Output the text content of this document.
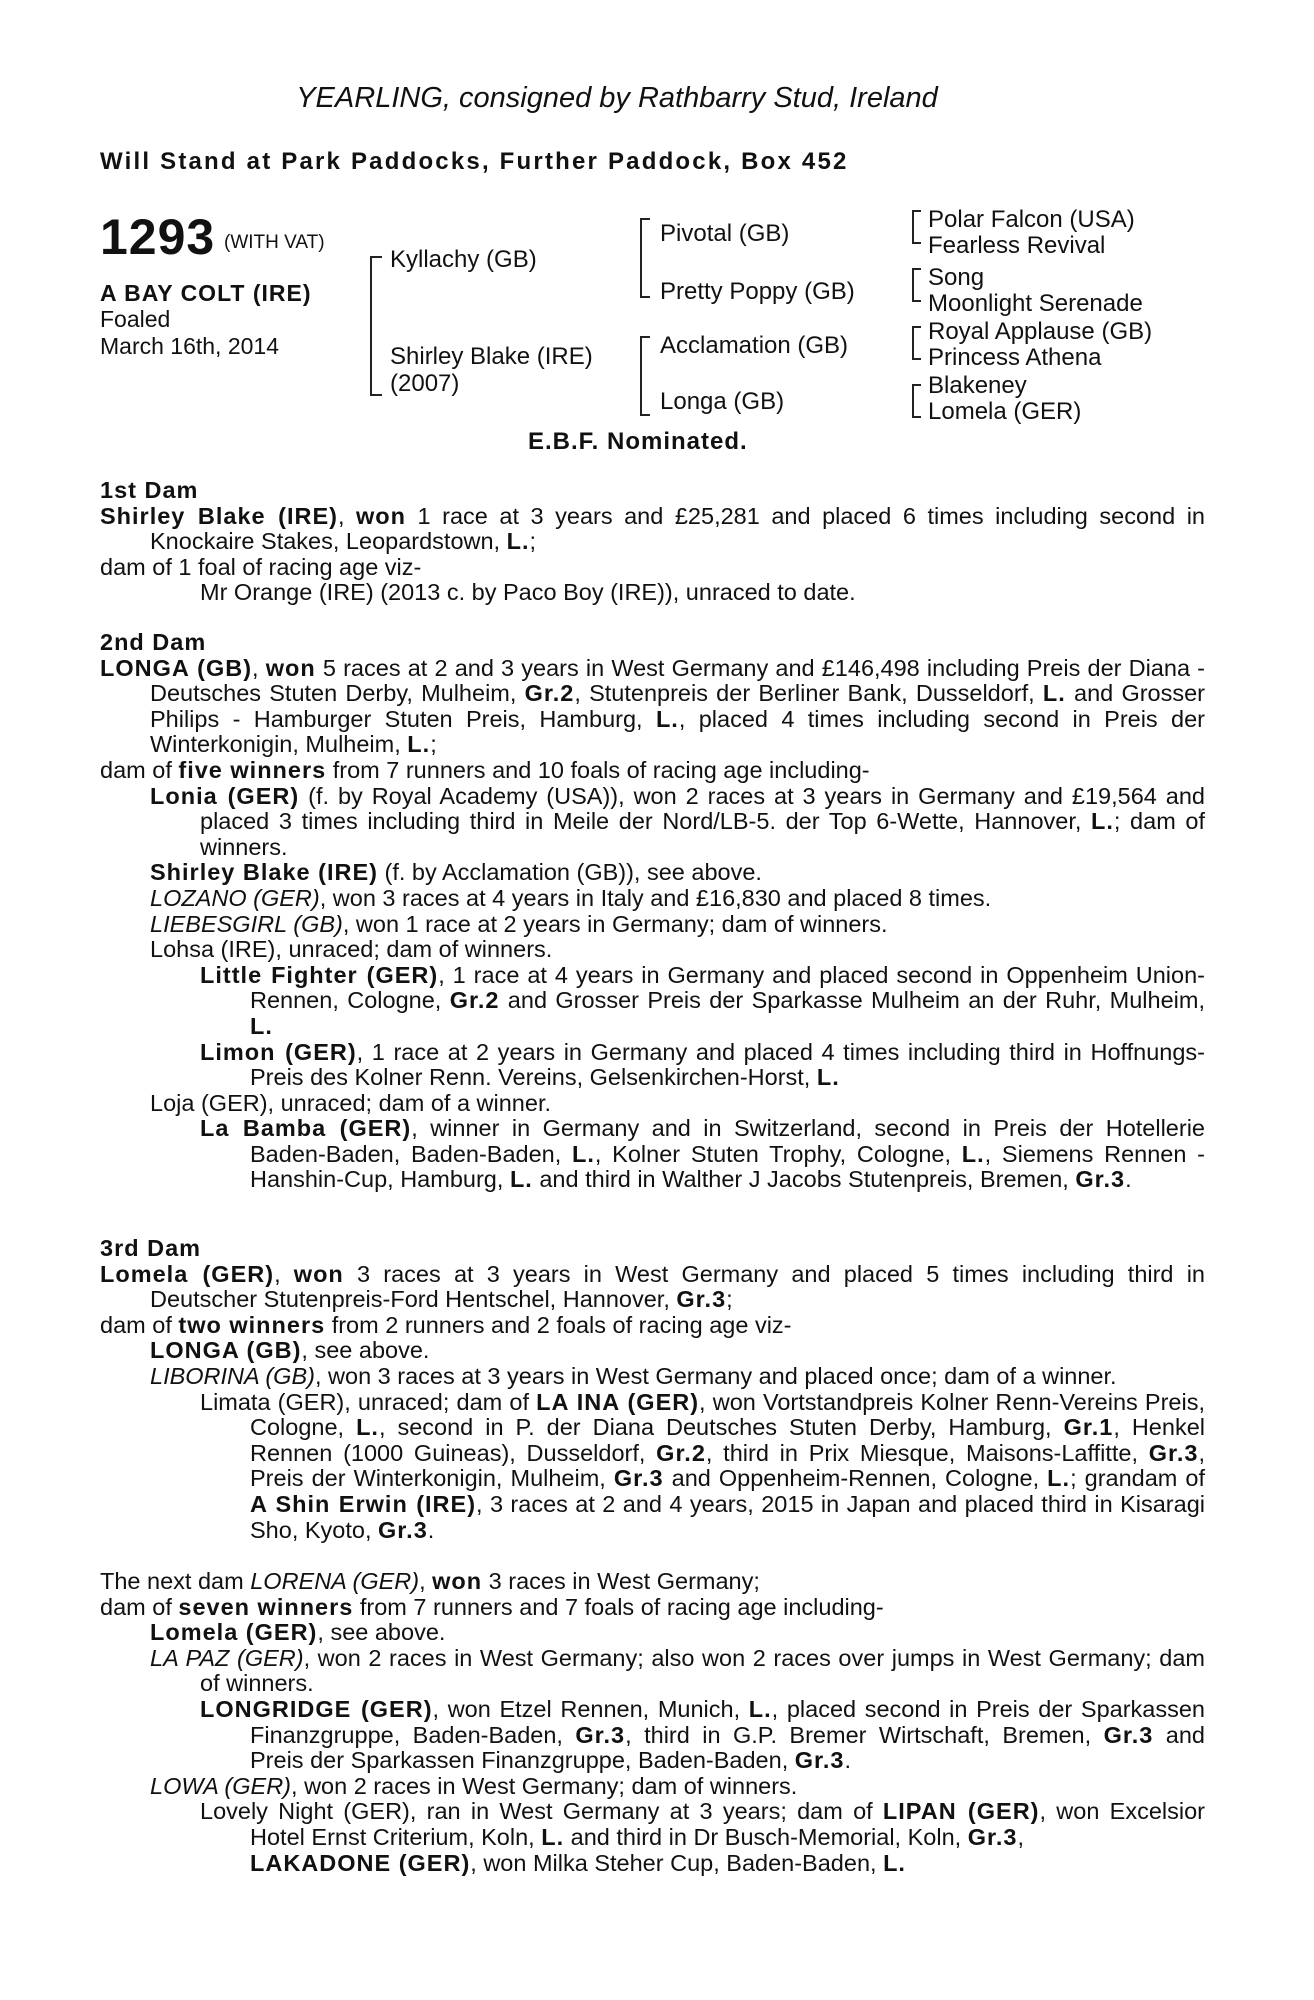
YEARLING, consigned by Rathbarry Stud, Ireland
Will Stand at Park Paddocks, Further Paddock, Box 452
1293 (WITH VAT)
A BAY COLT (IRE)
Foaled
March 16th, 2014
Kyllachy (GB)
Shirley Blake (IRE)
(2007)
Pivotal (GB)
Pretty Poppy (GB)
Acclamation (GB)
Longa (GB)
Polar Falcon (USA)
Fearless Revival
Song
Moonlight Serenade
Royal Applause (GB)
Princess Athena
Blakeney
Lomela (GER)
E.B.F. Nominated.

1st Dam

Shirley Blake (IRE), won 1 race at 3 years and £25,281 and placed 6 times including second in Knockaire Stakes, Leopardstown, L.;

dam of 1 foal of racing age viz-

Mr Orange (IRE) (2013 c. by Paco Boy (IRE)), unraced to date.

2nd Dam

LONGA (GB), won 5 races at 2 and 3 years in West Germany and £146,498 including Preis der Diana - Deutsches Stuten Derby, Mulheim, Gr.2, Stutenpreis der Berliner Bank, Dusseldorf, L. and Grosser Philips - Hamburger Stuten Preis, Hamburg, L., placed 4 times including second in Preis der Winterkonigin, Mulheim, L.;

dam of five winners from 7 runners and 10 foals of racing age including-

Lonia (GER) (f. by Royal Academy (USA)), won 2 races at 3 years in Germany and £19,564 and placed 3 times including third in Meile der Nord/LB-5. der Top 6-Wette, Hannover, L.; dam of winners.

Shirley Blake (IRE) (f. by Acclamation (GB)), see above.

LOZANO (GER), won 3 races at 4 years in Italy and £16,830 and placed 8 times.

LIEBESGIRL (GB), won 1 race at 2 years in Germany; dam of winners.

Lohsa (IRE), unraced; dam of winners.

Little Fighter (GER), 1 race at 4 years in Germany and placed second in Oppenheim Union-Rennen, Cologne, Gr.2 and Grosser Preis der Sparkasse Mulheim an der Ruhr, Mulheim, L.

Limon (GER), 1 race at 2 years in Germany and placed 4 times including third in Hoffnungs-Preis des Kolner Renn. Vereins, Gelsenkirchen-Horst, L.

Loja (GER), unraced; dam of a winner.

La Bamba (GER), winner in Germany and in Switzerland, second in Preis der Hotellerie Baden-Baden, Baden-Baden, L., Kolner Stuten Trophy, Cologne, L., Siemens Rennen - Hanshin-Cup, Hamburg, L. and third in Walther J Jacobs Stutenpreis, Bremen, Gr.3.

3rd Dam

Lomela (GER), won 3 races at 3 years in West Germany and placed 5 times including third in Deutscher Stutenpreis-Ford Hentschel, Hannover, Gr.3;

dam of two winners from 2 runners and 2 foals of racing age viz-

LONGA (GB), see above.

LIBORINA (GB), won 3 races at 3 years in West Germany and placed once; dam of a winner.

Limata (GER), unraced; dam of LA INA (GER), won Vortstandpreis Kolner Renn-Vereins Preis, Cologne, L., second in P. der Diana Deutsches Stuten Derby, Hamburg, Gr.1, Henkel Rennen (1000 Guineas), Dusseldorf, Gr.2, third in Prix Miesque, Maisons-Laffitte, Gr.3, Preis der Winterkonigin, Mulheim, Gr.3 and Oppenheim-Rennen, Cologne, L.; grandam of A Shin Erwin (IRE), 3 races at 2 and 4 years, 2015 in Japan and placed third in Kisaragi Sho, Kyoto, Gr.3.

The next dam LORENA (GER), won 3 races in West Germany;

dam of seven winners from 7 runners and 7 foals of racing age including-

Lomela (GER), see above.

LA PAZ (GER), won 2 races in West Germany; also won 2 races over jumps in West Germany; dam of winners.

LONGRIDGE (GER), won Etzel Rennen, Munich, L., placed second in Preis der Sparkassen Finanzgruppe, Baden-Baden, Gr.3, third in G.P. Bremer Wirtschaft, Bremen, Gr.3 and Preis der Sparkassen Finanzgruppe, Baden-Baden, Gr.3.

LOWA (GER), won 2 races in West Germany; dam of winners.

Lovely Night (GER), ran in West Germany at 3 years; dam of LIPAN (GER), won Excelsior Hotel Ernst Criterium, Koln, L. and third in Dr Busch-Memorial, Koln, Gr.3,
LAKADONE (GER), won Milka Steher Cup, Baden-Baden, L.
